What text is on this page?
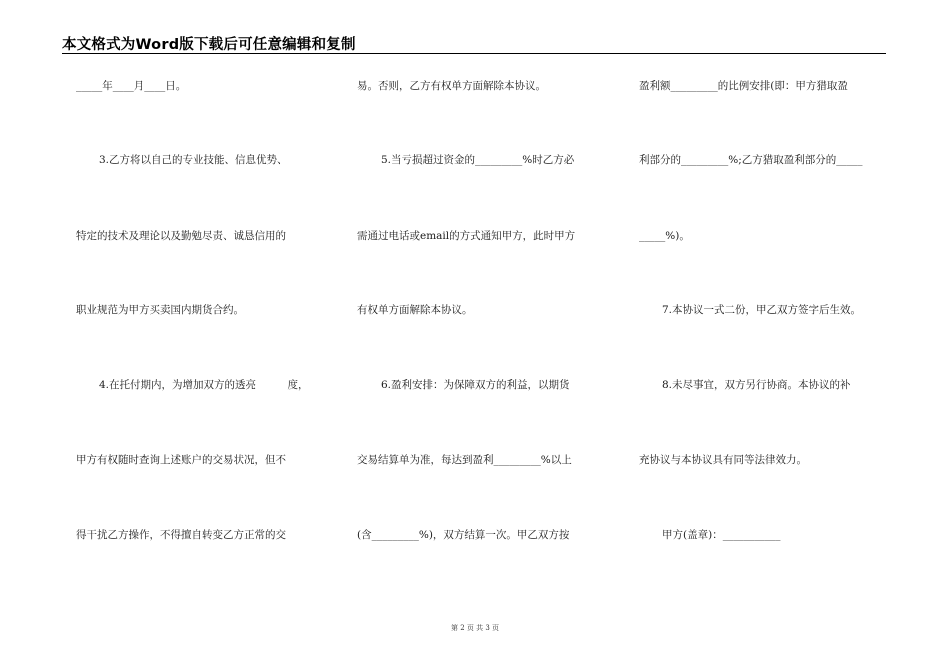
本文格式为Word版下载后可任意编辑和复制
_____年____月____日。
3.乙方将以自己的专业技能、信息优势、
特定的技术及理论以及勤勉尽责、诚恳信用的
职业规范为甲方买卖国内期货合约。
4.在托付期内，为增加双方的透亮　　　度，
甲方有权随时查询上述账户的交易状况，但不
得干扰乙方操作，不得擅自转变乙方正常的交
易。否则，乙方有权单方面解除本协议。
5.当亏损超过资金的_________%时乙方必
需通过电话或email的方式通知甲方，此时甲方
有权单方面解除本协议。
6.盈利安排：为保障双方的利益，以期货
交易结算单为准，每达到盈利_________%以上
(含_________%)，双方结算一次。甲乙双方按
盈利额_________的比例安排(即：甲方猎取盈
利部分的_________%;乙方猎取盈利部分的_____
_____%)。
7.本协议一式二份，甲乙双方签字后生效。
8.未尽事宜，双方另行协商。本协议的补
充协议与本协议具有同等法律效力。
甲方(盖章)：___________
第 2 页 共 3 页
